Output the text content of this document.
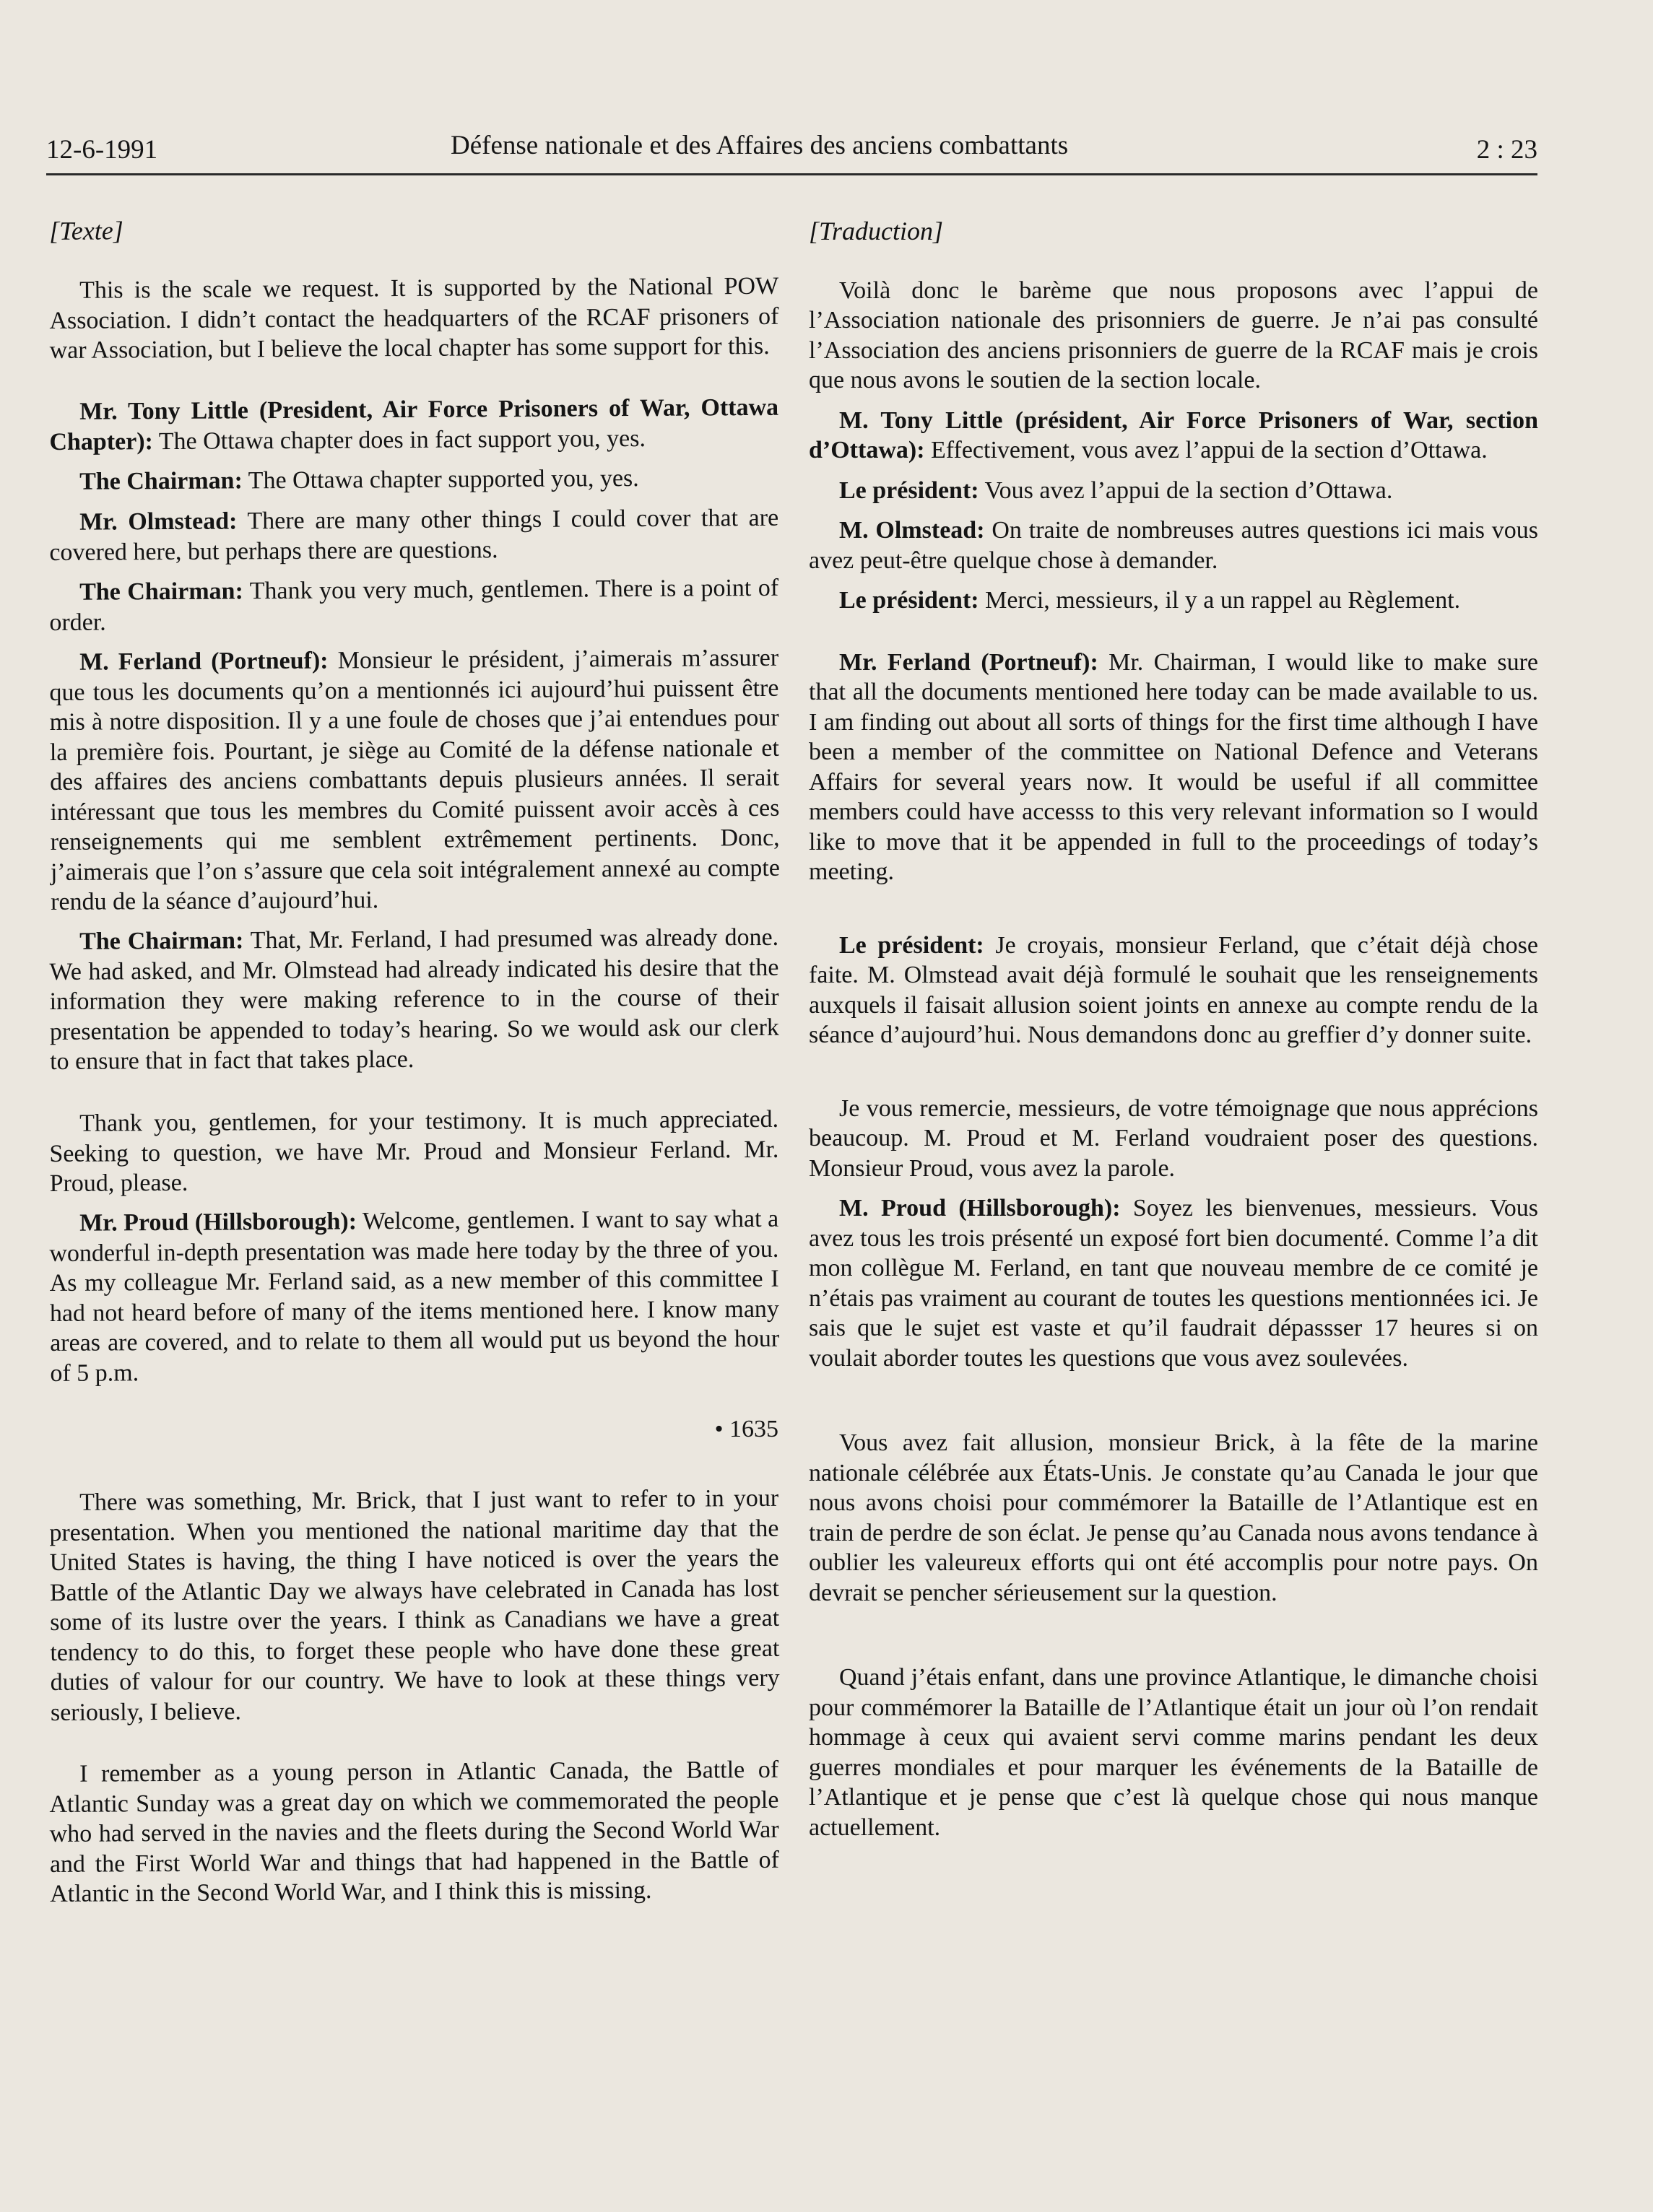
12-6-1991	Défense nationale et des Affaires des anciens combattants	2 : 23

[Texte]

This is the scale we request. It is supported by the National POW Association. I didn’t contact the headquarters of the RCAF prisoners of war Association, but I believe the local chapter has some support for this.

Mr. Tony Little (President, Air Force Prisoners of War, Ottawa Chapter): The Ottawa chapter does in fact support you, yes.

The Chairman: The Ottawa chapter supported you, yes.

Mr. Olmstead: There are many other things I could cover that are covered here, but perhaps there are questions.

The Chairman: Thank you very much, gentlemen. There is a point of order.

M. Ferland (Portneuf): Monsieur le président, j’aimerais m’assurer que tous les documents qu’on a mentionnés ici aujourd’hui puissent être mis à notre disposition. Il y a une foule de choses que j’ai entendues pour la première fois. Pourtant, je siège au Comité de la défense nationale et des affaires des anciens combattants depuis plusieurs années. Il serait intéressant que tous les membres du Comité puissent avoir accès à ces renseignements qui me semblent extrêmement pertinents. Donc, j’aimerais que l’on s’assure que cela soit intégralement annexé au compte rendu de la séance d’aujourd’hui.

The Chairman: That, Mr. Ferland, I had presumed was already done. We had asked, and Mr. Olmstead had already indicated his desire that the information they were making reference to in the course of their presentation be appended to today’s hearing. So we would ask our clerk to ensure that in fact that takes place.

Thank you, gentlemen, for your testimony. It is much appreciated. Seeking to question, we have Mr. Proud and Monsieur Ferland. Mr. Proud, please.

Mr. Proud (Hillsborough): Welcome, gentlemen. I want to say what a wonderful in-depth presentation was made here today by the three of you. As my colleague Mr. Ferland said, as a new member of this committee I had not heard before of many of the items mentioned here. I know many areas are covered, and to relate to them all would put us beyond the hour of 5 p.m.

• 1635

There was something, Mr. Brick, that I just want to refer to in your presentation. When you mentioned the national maritime day that the United States is having, the thing I have noticed is over the years the Battle of the Atlantic Day we always have celebrated in Canada has lost some of its lustre over the years. I think as Canadians we have a great tendency to do this, to forget these people who have done these great duties of valour for our country. We have to look at these things very seriously, I believe.

I remember as a young person in Atlantic Canada, the Battle of Atlantic Sunday was a great day on which we commemorated the people who had served in the navies and the fleets during the Second World War and the First World War and things that had happened in the Battle of Atlantic in the Second World War, and I think this is missing.

[Traduction]

Voilà donc le barème que nous proposons avec l’appui de l’Association nationale des prisonniers de guerre. Je n’ai pas consulté l’Association des anciens prisonniers de guerre de la RCAF mais je crois que nous avons le soutien de la section locale.

M. Tony Little (président, Air Force Prisoners of War, section d’Ottawa): Effectivement, vous avez l’appui de la section d’Ottawa.

Le président: Vous avez l’appui de la section d’Ottawa.

M. Olmstead: On traite de nombreuses autres questions ici mais vous avez peut-être quelque chose à demander.

Le président: Merci, messieurs, il y a un rappel au Règlement.

Mr. Ferland (Portneuf): Mr. Chairman, I would like to make sure that all the documents mentioned here today can be made available to us. I am finding out about all sorts of things for the first time although I have been a member of the committee on National Defence and Veterans Affairs for several years now. It would be useful if all committee members could have accesss to this very relevant information so I would like to move that it be appended in full to the proceedings of today’s meeting.

Le président: Je croyais, monsieur Ferland, que c’était déjà chose faite. M. Olmstead avait déjà formulé le souhait que les renseignements auxquels il faisait allusion soient joints en annexe au compte rendu de la séance d’aujourd’hui. Nous demandons donc au greffier d’y donner suite.

Je vous remercie, messieurs, de votre témoignage que nous apprécions beaucoup. M. Proud et M. Ferland voudraient poser des questions. Monsieur Proud, vous avez la parole.

M. Proud (Hillsborough): Soyez les bienvenues, messieurs. Vous avez tous les trois présenté un exposé fort bien documenté. Comme l’a dit mon collègue M. Ferland, en tant que nouveau membre de ce comité je n’étais pas vraiment au courant de toutes les questions mentionnées ici. Je sais que le sujet est vaste et qu’il faudrait dépassser 17 heures si on voulait aborder toutes les questions que vous avez soulevées.

Vous avez fait allusion, monsieur Brick, à la fête de la marine nationale célébrée aux États-Unis. Je constate qu’au Canada le jour que nous avons choisi pour commémorer la Bataille de l’Atlantique est en train de perdre de son éclat. Je pense qu’au Canada nous avons tendance à oublier les valeureux efforts qui ont été accomplis pour notre pays. On devrait se pencher sérieusement sur la question.

Quand j’étais enfant, dans une province Atlantique, le dimanche choisi pour commémorer la Bataille de l’Atlantique était un jour où l’on rendait hommage à ceux qui avaient servi comme marins pendant les deux guerres mondiales et pour marquer les événements de la Bataille de l’Atlantique et je pense que c’est là quelque chose qui nous manque actuellement.
